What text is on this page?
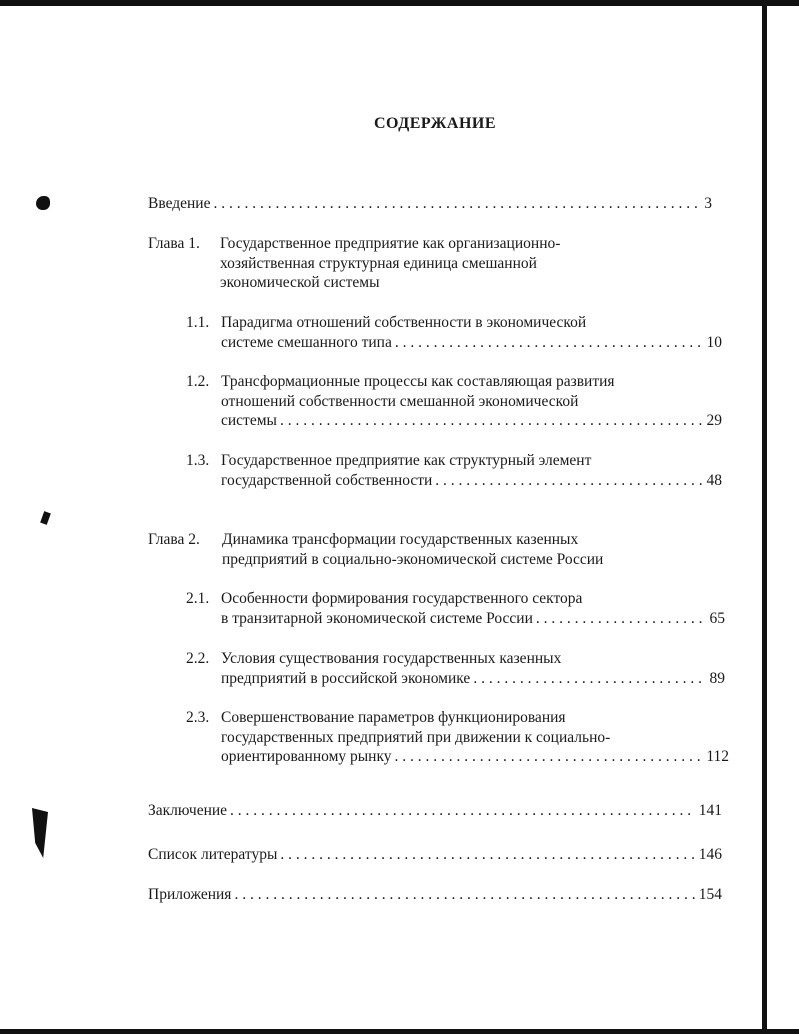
СОДЕРЖАНИЕ
Введение . . .	3
Глава 1. Государственное предприятие как организационно-
хозяйственная структурная единица смешанной
экономической системы
1.1. Парадигма отношений собственности в экономической
системе смешанного типа . . .	10
1.2. Трансформационные процессы как составляющая развития
отношений собственности смешанной экономической
системы . . .	29
1.3. Государственное предприятие как структурный элемент
государственной собственности . . .	48
Глава 2. Динамика трансформации государственных казенных
предприятий в социально-экономической системе России
2.1. Особенности формирования государственного сектора
в транзитарной экономической системе России . . .	65
2.2. Условия существования государственных казенных
предприятий в российской экономике . . .	89
2.3. Совершенствование параметров функционирования
государственных предприятий при движении к социально-
ориентированному рынку . . .	112
Заключение . . .	141
Список литературы . . .	146
Приложения . . .	154
